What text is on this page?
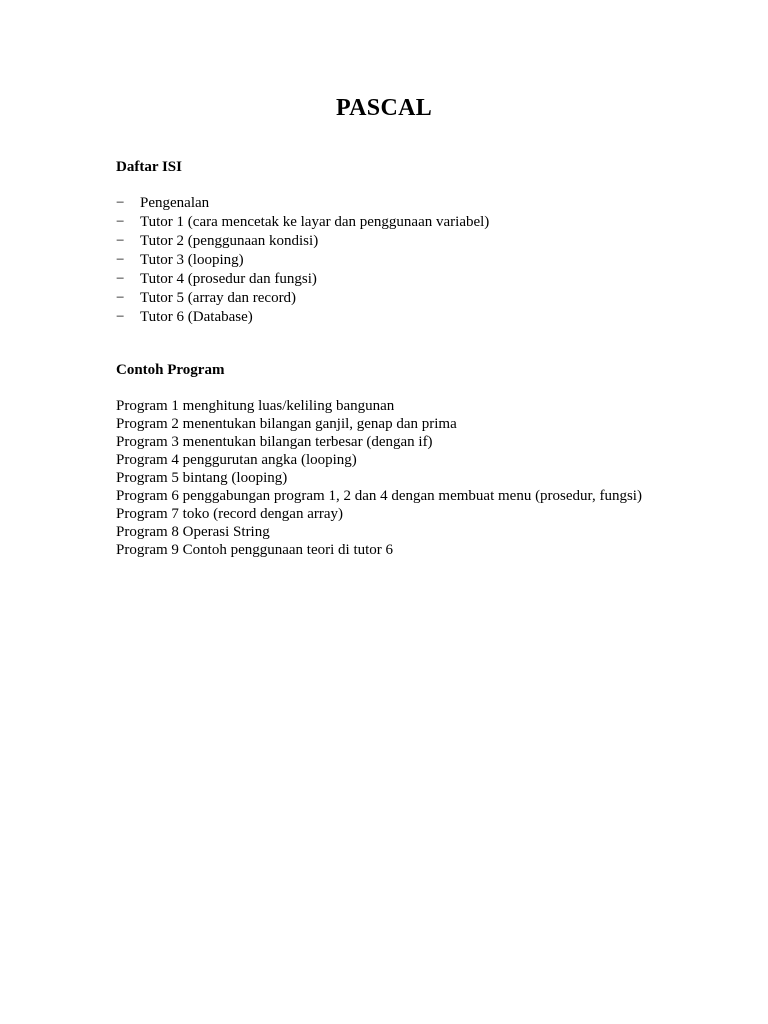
PASCAL
Daftar ISI
− Pengenalan
− Tutor 1 (cara mencetak ke layar dan penggunaan variabel)
− Tutor 2 (penggunaan kondisi)
− Tutor 3 (looping)
− Tutor 4 (prosedur dan fungsi)
− Tutor 5 (array dan record)
− Tutor 6 (Database)
Contoh Program
Program 1 menghitung luas/keliling bangunan
Program 2 menentukan bilangan ganjil, genap dan prima
Program 3 menentukan bilangan terbesar (dengan if)
Program 4 penggurutan angka (looping)
Program 5 bintang (looping)
Program 6 penggabungan program 1, 2 dan 4 dengan membuat menu (prosedur, fungsi)
Program 7 toko (record dengan array)
Program 8 Operasi String
Program 9 Contoh penggunaan teori di tutor 6
